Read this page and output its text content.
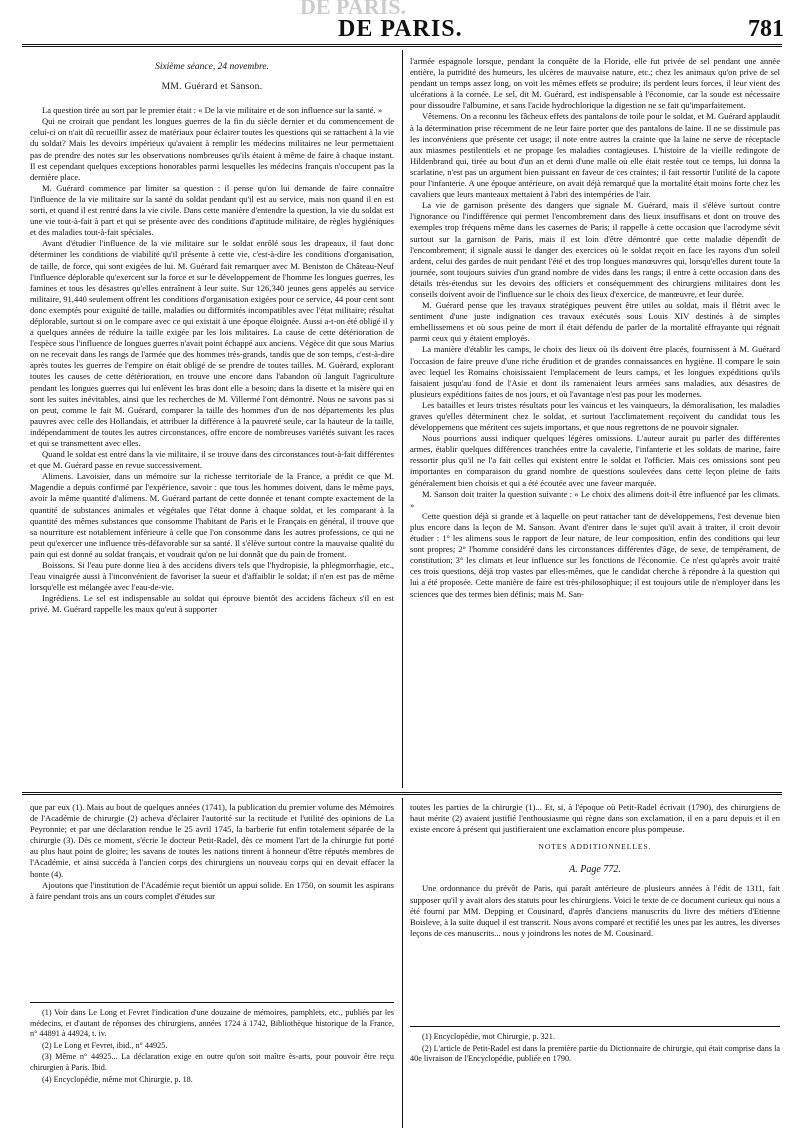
DE PARIS.
DE PARIS.	781

Sixième séance, 24 novembre.

MM. Guérard et Sanson.

La question tirée au sort par le premier était : « De la vie militaire et de son influence sur la santé. »

Qui ne croirait que pendant les longues guerres de la fin du siècle dernier et du commencement de celui-ci on n'ait dû recueillir assez de matériaux pour éclairer toutes les questions qui se rattachent à la vie du soldat? Mais les devoirs impérieux qu'avaient à remplir les médecins militaires ne leur permettaient pas de prendre des notes sur les observations nombreuses qu'ils étaient à même de faire à chaque instant. Il est cependant quelques exceptions honorables parmi lesquelles les médecins français n'occupent pas la dernière place.

M. Guérard commence par limiter sa question : il pense qu'on lui demande de faire connaître l'influence de la vie militaire sur la santé du soldat pendant qu'il est au service, mais non quand il en est sorti, et quand il est rentré dans la vie civile. Dans cette manière d'entendre la question, la vie du soldat est une vie tout-à-fait à part et qui se présente avec des conditions d'aptitude militaire, de règles hygiéniques et des maladies tout-à-fait spéciales.

Avant d'étudier l'influence de la vie militaire sur le soldat enrôlé sous les drapeaux, il faut donc déterminer les conditions de viabilité qu'il présente à cette vie, c'est-à-dire les conditions d'organisation, de taille, de force, qui sont exigées de lui. M. Guérard fait remarquer avec M. Beniston de Château-Neuf l'influence déplorable qu'exercent sur la force et sur le développement de l'homme les longues guerres, les famines et tous les désastres qu'elles entraînent à leur suite. Sur 126,340 jeunes gens appelés au service militaire, 91,440 seulement offrent les conditions d'organisation exigées pour ce service, 44 pour cent sont donc exemptés pour exiguïté de taille, maladies ou difformités incompatibles avec l'état militaire; résultat déplorable, surtout si on le compare avec ce qui existait à une époque éloignée. Aussi a-t-on été obligé il y a quelques années de réduire la taille exigée par les lois militaires. La cause de cette détérioration de l'espèce sous l'influence de longues guerres n'avait point échappé aux anciens. Végèce dit que sous Marius on ne recevait dans les rangs de l'armée que des hommes très-grands, tandis que de son temps, c'est-à-dire après toutes les guerres de l'empire on était obligé de se prendre de toutes tailles. M. Guérard, explorant toutes les causes de cette détérioration, en trouve une encore dans l'abandon où languit l'agriculture pendant les longues guerres qui lui enlèvent les bras dont elle a besoin; dans la disette et la misère qui en sont les suites inévitables, ainsi que les recherches de M. Villermé l'ont démontré. Nous ne savons pas si on peut, comme le fait M. Guérard, comparer la taille des hommes d'un de nos départements les plus pauvres avec celle des Hollandais, et attribuer la différence à la pauvreté seule, car la hauteur de la taille, indépendamment de toutes les autres circonstances, offre encore de nombreuses variétés suivant les races et qui se transmettent avec elles.

Quand le soldat est entré dans la vie militaire, il se trouve dans des circonstances tout-à-fait différentes et que M. Guérard passe en revue successivement.

Alimens. Lavoisier, dans un mémoire sur la richesse territoriale de la France, a prédit ce que M. Magendie a depuis confirmé par l'expérience, savoir : que tous les hommes doivent, dans le même pays, avoir la même quantité d'alimens. M. Guérard partant de cette donnée et tenant compte exactement de la quantité de substances animales et végétales que l'état donne à chaque soldat, et les comparant à la quantité des mêmes substances que consomme l'habitant de Paris et le Français en général, il trouve que sa nourriture est notablement inférieure à celle que l'on consomme dans les autres professions, ce qui ne peut qu'exercer une influence très-défavorable sur sa santé. Il s'élève surtout contre la mauvaise qualité du pain qui est donné au soldat français, et voudrait qu'on ne lui donnât que du pain de froment.

Boissons. Si l'eau pure donne lieu à des accidens divers tels que l'hydropisie, la phlegmorrhagie, etc., l'eau vinaigrée aussi à l'inconvénient de favoriser la sueur et d'affaiblir le soldat; il n'en est pas de même lorsqu'elle est mélangée avec l'eau-de-vie.

Ingrédiens. Le sel est indispensable au soldat qui éprouve bientôt des accidens fâcheux s'il en est privé. M. Guérard rappelle les maux qu'eut à supporter

l'armée espagnole lorsque, pendant la conquête de la Floride, elle fut privée de sel pendant une année entière, la putridité des humeurs, les ulcères de mauvaise nature, etc.; chez les animaux qu'on prive de sel pendant un temps assez long, on voit les mêmes effets se produire; ils perdent leurs forces, il leur vient des ulcérations à la cornée. Le sel, dit M. Guérard, est indispensable à l'économie, car la soude est nécessaire pour dissoudre l'albumine, et sans l'acide hydrochlorique la digestion ne se fait qu'imparfaitement.

Vêtemens. On a reconnu les fâcheux effets des pantalons de toile pour le soldat, et M. Guérard applaudit à la détermination prise récemment de ne leur faire porter que des pantalons de laine. Il ne se dissimule pas les inconvéniens que présente cet usage; il note entre autres la crainte que la laine ne serve de réceptacle aux miasmes pestilentiels et ne propage les maladies contagieuses. L'histoire de la vieille redingote de Hildenbrand qui, tirée au bout d'un an et demi d'une malle où elle était restée tout ce temps, lui donna la scarlatine, n'est pas un argument bien puissant en faveur de ces craintes; il fait ressortir l'utilité de la capote pour l'infanterie. A une époque antérieure, on avait déjà remarqué que la mortalité était moins forte chez les cavaliers que leurs manteaux mettaient à l'abri des intempéries de l'air.

La vie de garnison présente des dangers que signale M. Guérard, mais il s'élève surtout contre l'ignorance ou l'indifférence qui permet l'encombrement dans des lieux insuffisans et dont on trouve des exemples trop fréquens même dans les casernes de Paris; il rappelle à cette occasion que l'acrodyme sévit surtout sur la garnison de Paris, mais il est loin d'être démontré que cette maladie dépendît de l'encombrement; il signale aussi le danger des exercices où le soldat reçoit en face les rayons d'un soleil ardent, celui des gardes de nuit pendant l'été et des trop longues manœuvres qui, lorsqu'elles durent toute la journée, sont toujours suivies d'un grand nombre de vides dans les rangs; il entre à cette occasion dans des détails très-étendus sur les devoirs des officiers et conséquemment des chirurgiens militaires dont les conseils doivent avoir de l'influence sur le choix des lieux d'exercice, de manœuvre, et leur durée.

M. Guérard pense que les travaux stratégiques peuvent être utiles au soldat, mais il flétrit avec le sentiment d'une juste indignation ces travaux exécutés sous Louis XIV destinés à de simples embellissemens et où sous peine de mort il était défendu de parler de la mortalité effrayante qui régnait parmi ceux qui y étaient employés.

La manière d'établir les camps, le choix des lieux où ils doivent être placés, fournissent à M. Guérard l'occasion de faire preuve d'une riche érudition et de grandes connaissances en hygiène. Il compare le soin avec lequel les Romains choisissaient l'emplacement de leurs camps, et les longues expéditions qu'ils faisaient jusqu'au fond de l'Asie et dont ils ramenaient leurs armées sans maladies, aux désastres de plusieurs expéditions faites de nos jours, et où l'avantage n'est pas pour les modernes.

Les batailles et leurs tristes résultats pour les vaincus et les vainqueurs, la démoralisation, les maladies graves qu'elles déterminent chez le soldat, et surtout l'acclimatement reçoivent du candidat tous les développemens que méritent ces sujets importans, et que nous regrettons de ne pouvoir signaler.

Nous pourrions aussi indiquer quelques légères omissions. L'auteur aurait pu parler des différentes armes, établir quelques différences tranchées entre la cavalerie, l'infanterie et les soldats de marine, faire ressortir plus qu'il ne l'a fait celles qui existent entre le soldat et l'officier. Mais ces omissions sont peu importantes en comparaison du grand nombre de questions soulevées dans cette leçon pleine de faits généralement bien choisis et qui a été écoutée avec une faveur marquée.

M. Sanson doit traiter la question suivante : « Le choix des alimens doit-il être influencé par les climats. »

Cette question déjà si grande et à laquelle on peut rattacher tant de développemens, l'est devenue bien plus encore dans la leçon de M. Sanson. Avant d'entrer dans le sujet qu'il avait à traiter, il croit devoir étudier : 1° les alimens sous le rapport de leur nature, de leur composition, enfin des conditions qui leur sont propres; 2° l'homme considéré dans les circonstances différentes d'âge, de sexe, de tempérament, de constitution; 3° les climats et leur influence sur les fonctions de l'économie. Ce n'est qu'après avoir traité ces trois questions, déjà trop vastes par elles-mêmes, que le candidat cherche à répondre à la question qui lui a été proposée. Cette manière de faire est très-philosophique; il est toujours utile de n'employer dans les sciences que des termes bien définis; mais M. San-

que par eux (1). Mais au bout de quelques années (1741), la publication du premier volume des Mémoires de l'Académie de chirurgie (2) acheva d'éclairer l'autorité sur la rectitude et l'utilité des opinions de La Peyronnie; et par une déclaration rendue le 25 avril 1745, la barberie fut enfin totalement séparée de la chirurgie (3). Dès ce moment, s'écrie le docteur Petit-Radel, dès ce moment l'art de la chirurgie fut porté au plus haut point de gloire; les savans de toutes les nations tinrent à honneur d'être réputés membres de l'Académie, et ainsi succéda à l'ancien corps des chirurgiens un nouveau corps qui en devait effacer la honte (4).

Ajoutons que l'institution de l'Académie reçut bientôt un appui solide. En 1750, on soumit les aspirans à faire pendant trois ans un cours complet d'études sur

(1) Voir dans Le Long et Fevret l'indication d'une douzaine de mémoires, pamphlets, etc., publiés par les médecins, et d'autant de réponses des chirurgiens, années 1724 à 1742, Bibliothèque historique de la France, n° 44891 à 44924, t. iv.

(2) Le Long et Fevret, ibid., n° 44925.

(3) Même n° 44925... La déclaration exige en outre qu'on soit maître ès-arts, pour pouvoir être reçu chirurgien à Paris. Ibid.

(4) Encyclopédie, même mot Chirurgie, p. 18.

toutes les parties de la chirurgie (1)... Et, si, à l'époque où Petit-Radel écrivait (1790), des chirurgiens de haut mérite (2) avaient justifié l'enthousiasme qui règne dans son exclamation, il en a paru depuis et il en existe encore à présent qui justifieraient une exclamation encore plus pompeuse.

NOTES ADDITIONNELLES.

A. Page 772.

Une ordonnance du prévôt de Paris, qui paraît antérieure de plusieurs années à l'édit de 1311, fait supposer qu'il y avait alors des statuts pour les chirurgiens. Voici le texte de ce document curieux qui nous a été fourni par MM. Depping et Cousinard, d'après d'anciens manuscrits du livre des métiers d'Etienne Boisleve, à la suite duquel il est transcrit. Nous avons comparé et rectifié les unes par les autres, les diverses leçons de ces manuscrits... nous y joindrons les notes de M. Cousinard.

(1) Encyclopédie, mot Chirurgie, p. 321.

(2) L'article de Petit-Radel est dans la première partie du Dictionnaire de chirurgie, qui était comprise dans la 40e livraison de l'Encyclopédie, publiée en 1790.
